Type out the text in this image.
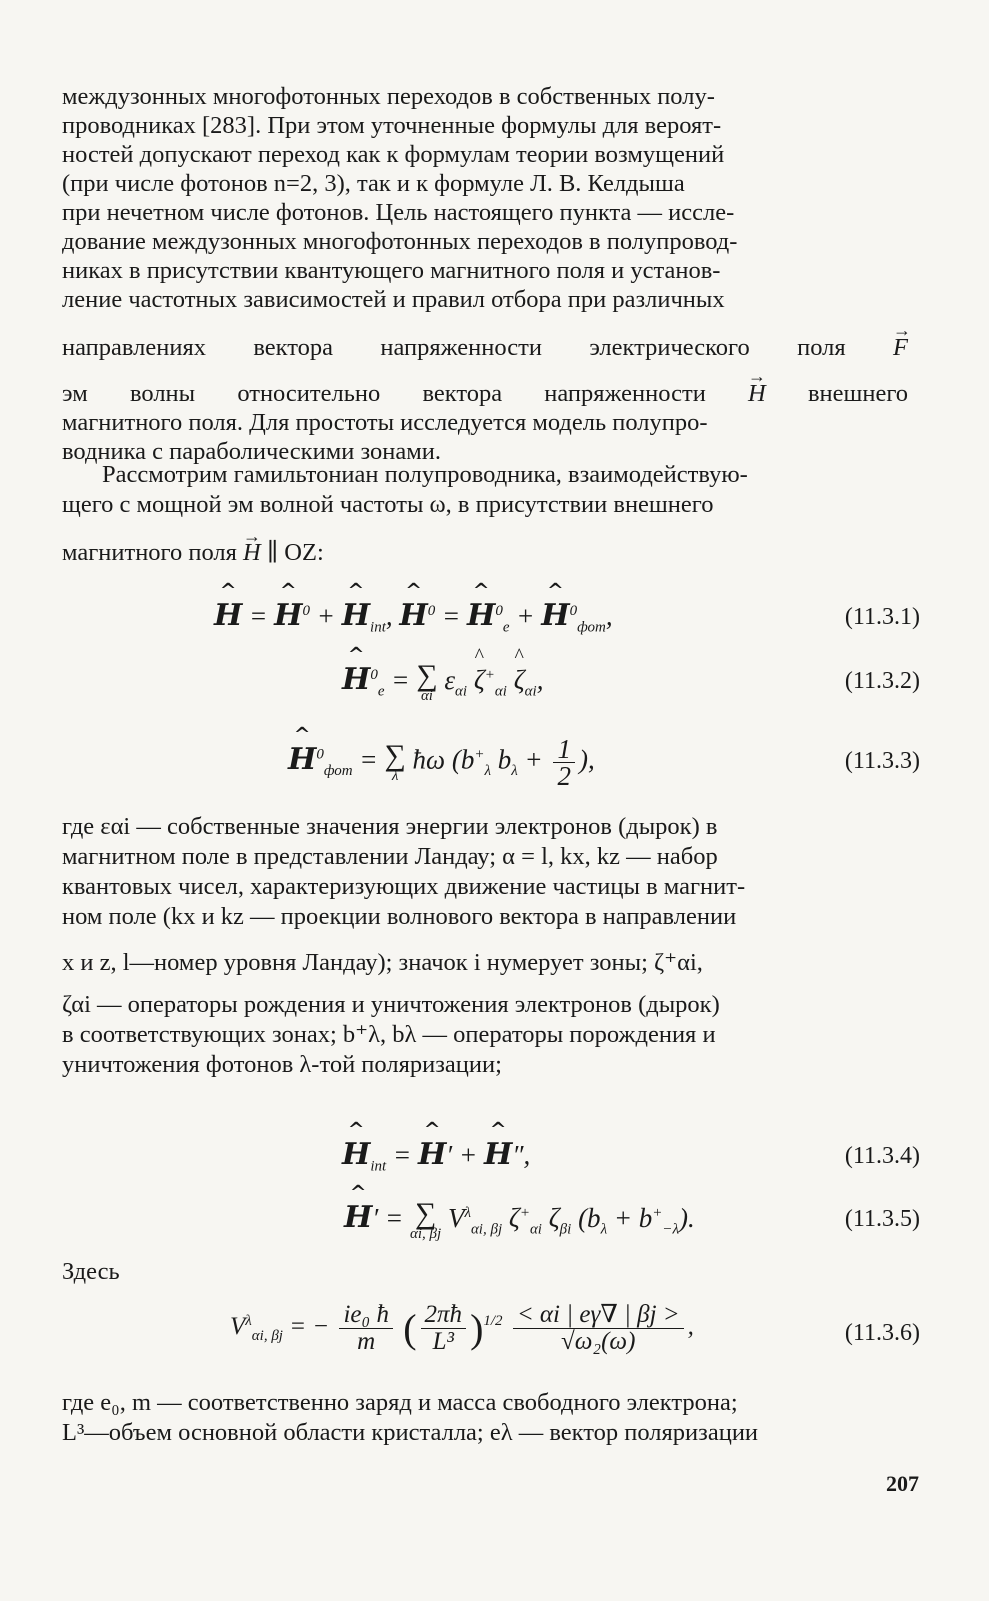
междузонных многофотонных переходов в собственных полу-

проводниках [283]. При этом уточненные формулы для вероят-

ностей допускают переход как к формулам теории возмущений

(при числе фотонов n=2, 3), так и к формуле Л. В. Келдыша

при нечетном числе фотонов. Цель настоящего пункта — иссле-

дование междузонных многофотонных переходов в полупровод-

никах в присутствии квантующего магнитного поля и установ-

ление частотных зависимостей и правил отбора при различных

направлениях вектора напряженности электрического поля → F

эм волны относительно вектора напряженности → H внешнего

магнитного поля. Для простоты исследуется модель полупро-

водника с параболическими зонами.

Рассмотрим гамильтониан полупроводника, взаимодействую-

щего с мощной эм волной частоты ω, в присутствии внешнего

магнитного поля → H ∥ OZ:

^ H = ^ $H^0$ + ^ $H_{int}$, ^ $H^0$ = ^ $H^0_e$ + ^ $H^0_{фот}$,	(11.3.1)
^ $H^0_e$ = ∑
αi
$\varepsilon_{\alpha i}$ ^ $\zeta^+_{\alpha i}$ ^ $\zeta_{\alpha i}$,	(11.3.2)
^ $H^0_{фот}$ = ∑
λ
ħω ($b^+_\lambda$ $b_\lambda + \frac{1}{2}$ ),	(11.3.3)

где εαi — собственные значения энергии электронов (дырок) в

магнитном поле в представлении Ландау; α = l, kx, kz — набор

квантовых чисел, характеризующих движение частицы в магнит-

ном поле (kx и kz — проекции волнового вектора в направлении

x и z, l—номер уровня Ландау); значок i нумерует зоны; ζ⁺αi,

ζαi — операторы рождения и уничтожения электронов (дырок)

в соответствующих зонах; b⁺λ, bλ — операторы порождения и

уничтожения фотонов λ-той поляризации;

^ $H_{int}$ = ^ H′ + ^ H″,	(11.3.4)
^ H′ = ∑
αi, βj
$V^\lambda_{\alpha i, \beta j}$ $\zeta^+_{\alpha i}$ $\zeta_{\beta i}$ $(b_\lambda + b^+_{-\lambda})$.	(11.3.5)
Здесь
$V^\lambda_{\alpha i, \beta j}$ = − $\frac{\text{ie₀ ħ}}{m}$ ( $\frac{2\pi ħ}{\text{L³}} )^{1/2} \frac{< \alpha i | e\gamma\nabla | \beta j >}{\text{√ω₂(ω)}}$ ,	(11.3.6)

где e₀, m — соответственно заряд и масса свободного электрона;

L³—объем основной области кристалла; eλ — вектор поляризации

207
